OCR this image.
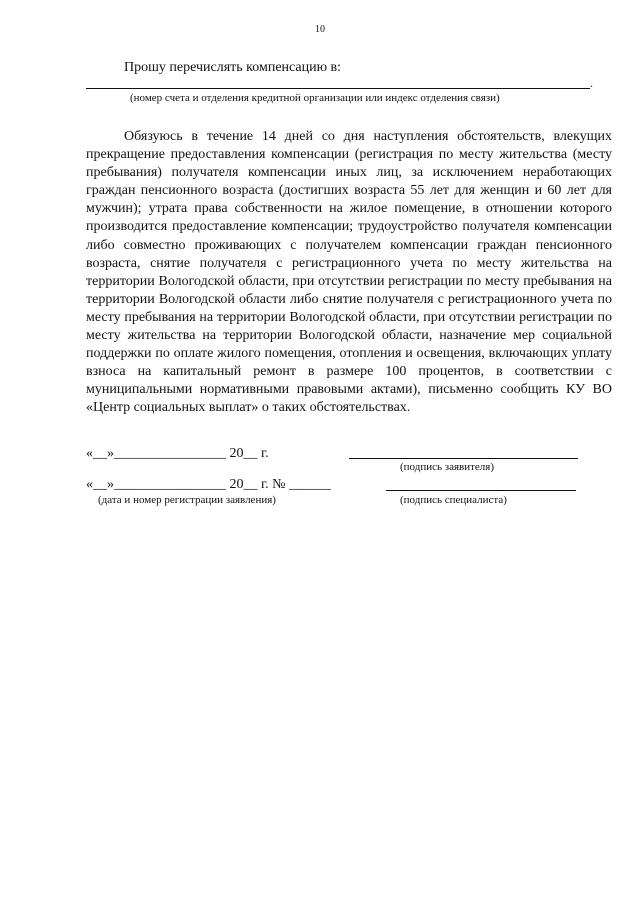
10
Прошу перечислять компенсацию в:
.
(номер счета и отделения кредитной организации или индекс отделения связи)

Обязуюсь в течение 14 дней со дня наступления обстоятельств, влекущих прекращение предоставления компенсации (регистрация по месту жительства (месту пребывания) получателя компенсации иных лиц, за исключением неработающих граждан пенсионного возраста (достигших возраста 55 лет для женщин и 60 лет для мужчин); утрата права собственности на жилое помещение, в отношении которого производится предоставление компенсации; трудоустройство получателя компенсации либо совместно проживающих с получателем компенсации граждан пенсионного возраста, снятие получателя с регистрационного учета по месту жительства на территории Вологодской области, при отсутствии регистрации по месту пребывания на территории Вологодской области либо снятие получателя с регистрационного учета по месту пребывания на территории Вологодской области, при отсутствии регистрации по месту жительства на территории Вологодской области, назначение мер социальной поддержки по оплате жилого помещения, отопления и освещения, включающих уплату взноса на капитальный ремонт в размере 100 процентов, в соответствии с муниципальными нормативными правовыми актами), письменно сообщить КУ ВО «Центр социальных выплат» о таких обстоятельствах.

«__»________________ 20__ г.
(подпись заявителя)
«__»________________ 20__ г. № ______
(дата и номер регистрации заявления)	(подпись специалиста)
